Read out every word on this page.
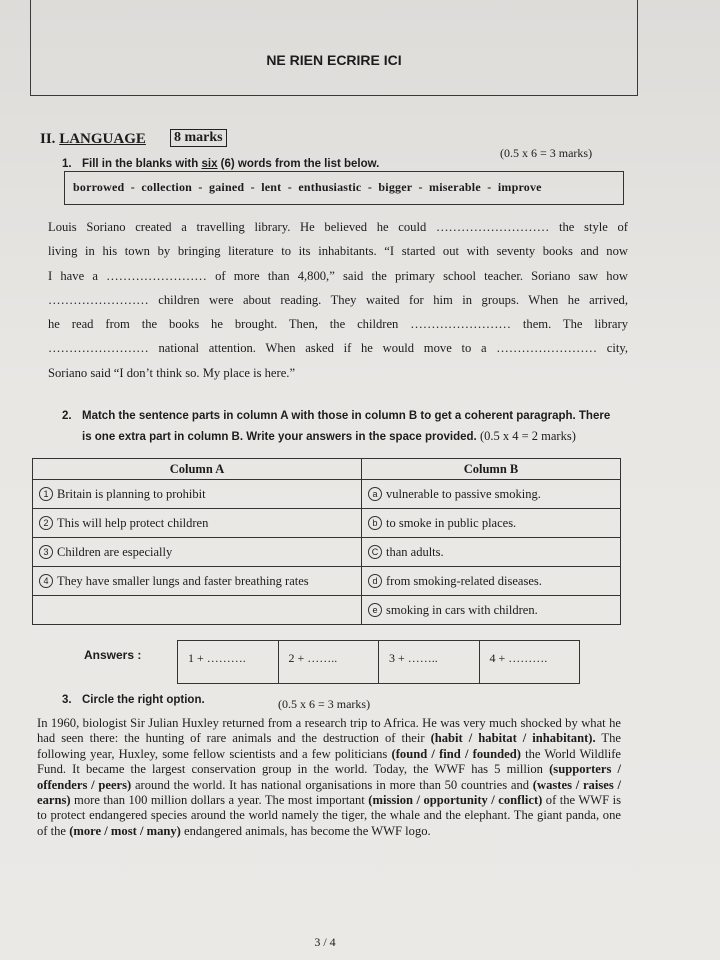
NE RIEN ECRIRE ICI
II. LANGUAGE 8 marks
1. Fill in the blanks with six (6) words from the list below.
(0.5 x 6 = 3 marks)
borrowed  -  collection  -  gained  -  lent  -  enthusiastic  -  bigger  -  miserable  -  improve
Louis Soriano created a travelling library. He believed he could ……………………… the style of
living in his town by bringing literature to its inhabitants. “I started out with seventy books and now
I have a …………………… of more than 4,800,” said the primary school teacher. Soriano saw how
…………………… children were about reading. They waited for him in groups. When he arrived,
he read from the books he brought. Then, the children …………………… them. The library
…………………… national attention. When asked if he would move to a …………………… city,
Soriano said “I don’t think so. My place is here.”
2. Match the sentence parts in column A with those in column B to get a coherent paragraph. There
is one extra part in column B. Write your answers in the space provided. (0.5 x 4 = 2 marks)
Column A	Column B
1 Britain is planning to prohibit	a vulnerable to passive smoking.
2 This will help protect children	b to smoke in public places.
3 Children are especially	C than adults.
4 They have smaller lungs and faster breathing rates	d from smoking-related diseases.
	e smoking in cars with children.
Answers :	1 + ……….	2 + ……..	3 + ……..	4 + ……….
3. Circle the right option.	(0.5 x 6 = 3 marks)
In 1960, biologist Sir Julian Huxley returned from a research trip to Africa. He was very much shocked by what he had seen there: the hunting of rare animals and the destruction of their (habit / habitat / inhabitant). The following year, Huxley, some fellow scientists and a few politicians (found / find / founded) the World Wildlife Fund. It became the largest conservation group in the world. Today, the WWF has 5 million (supporters / offenders / peers) around the world. It has national organisations in more than 50 countries and (wastes / raises / earns) more than 100 million dollars a year. The most important (mission / opportunity / conflict) of the WWF is to protect endangered species around the world namely the tiger, the whale and the elephant. The giant panda, one of the (more / most / many) endangered animals, has become the WWF logo.
3 / 4
